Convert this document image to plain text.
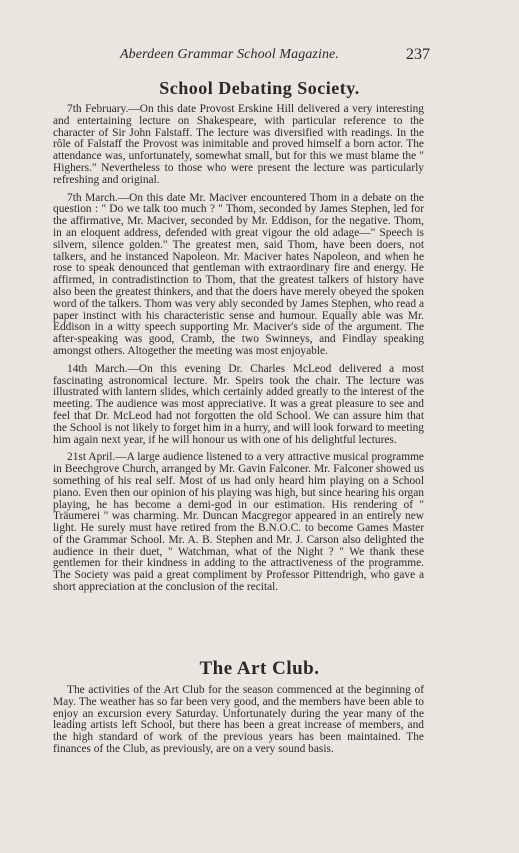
Aberdeen Grammar School Magazine.	237
School Debating Society.

7th February.—On this date Provost Erskine Hill delivered a very interesting and entertaining lecture on Shakespeare, with particular reference to the character of Sir John Falstaff. The lecture was diversified with readings. In the rôle of Falstaff the Provost was inimitable and proved himself a born actor. The attendance was, unfortunately, somewhat small, but for this we must blame the " Highers." Nevertheless to those who were present the lecture was particularly refreshing and original.

7th March.—On this date Mr. Maciver encountered Thom in a debate on the question : " Do we talk too much ? " Thom, seconded by James Stephen, led for the affirmative, Mr. Maciver, seconded by Mr. Eddison, for the negative. Thom, in an eloquent address, defended with great vigour the old adage—" Speech is silvern, silence golden." The greatest men, said Thom, have been doers, not talkers, and he instanced Napoleon. Mr. Maciver hates Napoleon, and when he rose to speak denounced that gentleman with extraordinary fire and energy. He affirmed, in contradistinction to Thom, that the greatest talkers of history have also been the greatest thinkers, and that the doers have merely obeyed the spoken word of the talkers. Thom was very ably seconded by James Stephen, who read a paper instinct with his characteristic sense and humour. Equally able was Mr. Eddison in a witty speech supporting Mr. Maciver's side of the argument. The after-speaking was good, Cramb, the two Swinneys, and Findlay speaking amongst others. Altogether the meeting was most enjoyable.

14th March.—On this evening Dr. Charles McLeod delivered a most fascinating astronomical lecture. Mr. Speirs took the chair. The lecture was illustrated with lantern slides, which certainly added greatly to the interest of the meeting. The audience was most appreciative. It was a great pleasure to see and feel that Dr. McLeod had not forgotten the old School. We can assure him that the School is not likely to forget him in a hurry, and will look forward to meeting him again next year, if he will honour us with one of his delightful lectures.

21st April.—A large audience listened to a very attractive musical programme in Beechgrove Church, arranged by Mr. Gavin Falconer. Mr. Falconer showed us something of his real self. Most of us had only heard him playing on a School piano. Even then our opinion of his playing was high, but since hearing his organ playing, he has become a demi-god in our estimation. His rendering of " Träumerei " was charming. Mr. Duncan Macgregor appeared in an entirely new light. He surely must have retired from the B.N.O.C. to become Games Master of the Grammar School. Mr. A. B. Stephen and Mr. J. Carson also delighted the audience in their duet, " Watchman, what of the Night ? " We thank these gentlemen for their kindness in adding to the attractiveness of the programme. The Society was paid a great compliment by Professor Pittendrigh, who gave a short appreciation at the conclusion of the recital.

The Art Club.

The activities of the Art Club for the season commenced at the beginning of May. The weather has so far been very good, and the members have been able to enjoy an excursion every Saturday. Unfortunately during the year many of the leading artists left School, but there has been a great increase of members, and the high standard of work of the previous years has been maintained. The finances of the Club, as previously, are on a very sound basis.
